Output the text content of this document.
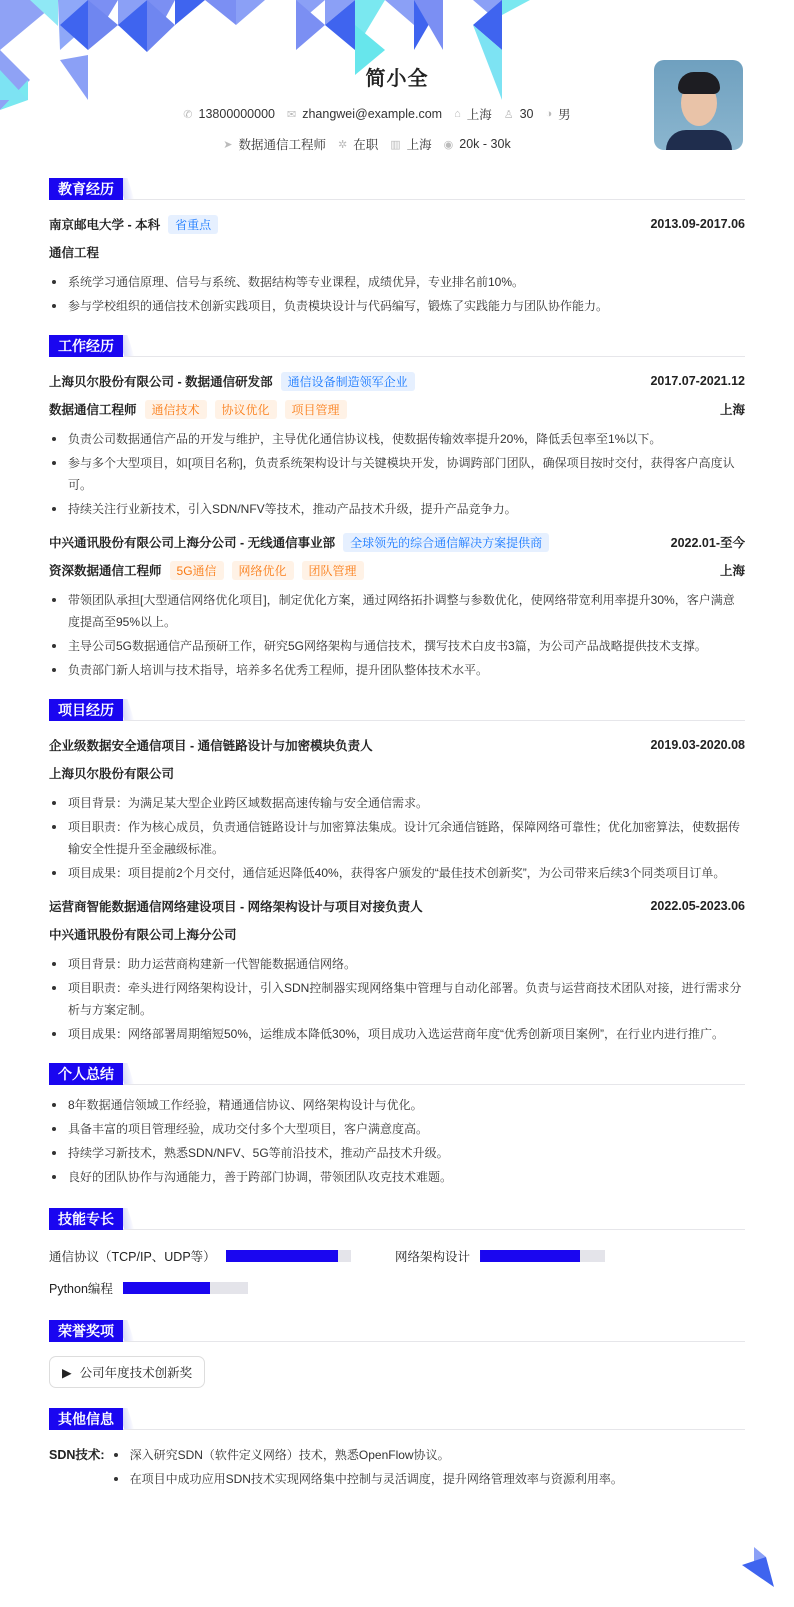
简小全
✆ 13800000000 ✉ zhangwei@example.com ⌂ 上海 ♙ 30 ◑ 男
➤ 数据通信工程师 ✲ 在职 ▥ 上海 ◉ 20k - 30k
教育经历
南京邮电大学 - 本科	省重点	2013.09-2017.06
通信工程
系统学习通信原理、信号与系统、数据结构等专业课程，成绩优异，专业排名前10%。
参与学校组织的通信技术创新实践项目，负责模块设计与代码编写，锻炼了实践能力与团队协作能力。
工作经历
上海贝尔股份有限公司 - 数据通信研发部	通信设备制造领军企业	2017.07-2021.12
数据通信工程师	通信技术	协议优化	项目管理	上海
负责公司数据通信产品的开发与维护，主导优化通信协议栈，使数据传输效率提升20%，降低丢包率至1%以下。
参与多个大型项目，如[项目名称]，负责系统架构设计与关键模块开发，协调跨部门团队，确保项目按时交付，获得客户高度认可。
持续关注行业新技术，引入SDN/NFV等技术，推动产品技术升级，提升产品竞争力。
中兴通讯股份有限公司上海分公司 - 无线通信事业部	全球领先的综合通信解决方案提供商	2022.01-至今
资深数据通信工程师	5G通信	网络优化	团队管理	上海
带领团队承担[大型通信网络优化项目]，制定优化方案，通过网络拓扑调整与参数优化，使网络带宽利用率提升30%，客户满意度提高至95%以上。
主导公司5G数据通信产品预研工作，研究5G网络架构与通信技术，撰写技术白皮书3篇，为公司产品战略提供技术支撑。
负责部门新人培训与技术指导，培养多名优秀工程师，提升团队整体技术水平。
项目经历
企业级数据安全通信项目 - 通信链路设计与加密模块负责人	2019.03-2020.08
上海贝尔股份有限公司
项目背景：为满足某大型企业跨区域数据高速传输与安全通信需求。
项目职责：作为核心成员，负责通信链路设计与加密算法集成。设计冗余通信链路，保障网络可靠性；优化加密算法，使数据传输安全性提升至金融级标准。
项目成果：项目提前2个月交付，通信延迟降低40%，获得客户颁发的“最佳技术创新奖”，为公司带来后续3个同类项目订单。
运营商智能数据通信网络建设项目 - 网络架构设计与项目对接负责人	2022.05-2023.06
中兴通讯股份有限公司上海分公司
项目背景：助力运营商构建新一代智能数据通信网络。
项目职责：牵头进行网络架构设计，引入SDN控制器实现网络集中管理与自动化部署。负责与运营商技术团队对接，进行需求分析与方案定制。
项目成果：网络部署周期缩短50%，运维成本降低30%，项目成功入选运营商年度“优秀创新项目案例”，在行业内进行推广。
个人总结
8年数据通信领域工作经验，精通通信协议、网络架构设计与优化。
具备丰富的项目管理经验，成功交付多个大型项目，客户满意度高。
持续学习新技术，熟悉SDN/NFV、5G等前沿技术，推动产品技术升级。
良好的团队协作与沟通能力，善于跨部门协调，带领团队攻克技术难题。
技能专长
通信协议（TCP/IP、UDP等）	网络架构设计
Python编程
荣誉奖项
▶ 公司年度技术创新奖
其他信息
SDN技术:	深入研究SDN（软件定义网络）技术，熟悉OpenFlow协议。
在项目中成功应用SDN技术实现网络集中控制与灵活调度，提升网络管理效率与资源利用率。
